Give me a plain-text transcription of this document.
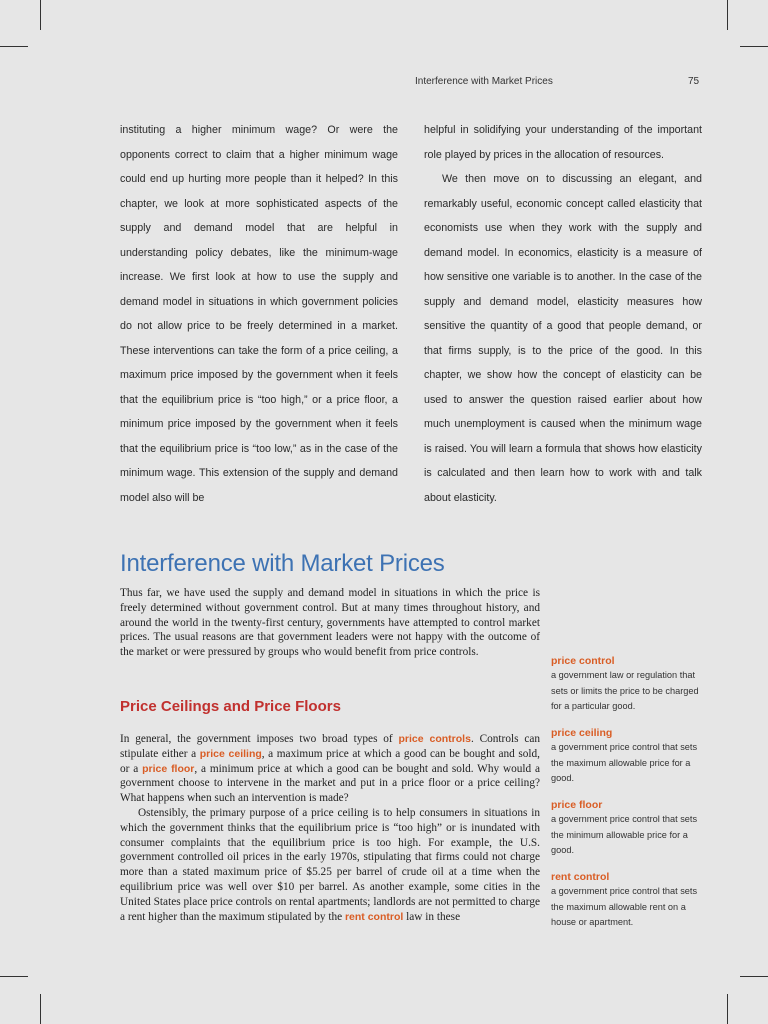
Interference with Market Prices	75

instituting a higher minimum wage? Or were the opponents correct to claim that a higher minimum wage could end up hurting more people than it helped? In this chapter, we look at more sophisticated aspects of the supply and demand model that are helpful in understanding policy debates, like the minimum-wage increase. We first look at how to use the supply and demand model in situations in which government policies do not allow price to be freely determined in a market. These interventions can take the form of a price ceiling, a maximum price imposed by the government when it feels that the equilibrium price is “too high,” or a price floor, a minimum price imposed by the government when it feels that the equilibrium price is “too low,” as in the case of the minimum wage. This extension of the supply and demand model also will be

helpful in solidifying your understanding of the important role played by prices in the allocation of resources.

We then move on to discussing an elegant, and remarkably useful, economic concept called elasticity that economists use when they work with the supply and demand model. In economics, elasticity is a measure of how sensitive one variable is to another. In the case of the supply and demand model, elasticity measures how sensitive the quantity of a good that people demand, or that firms supply, is to the price of the good. In this chapter, we show how the concept of elasticity can be used to answer the question raised earlier about how much unemployment is caused when the minimum wage is raised. You will learn a formula that shows how elasticity is calculated and then learn how to work with and talk about elasticity.

Interference with Market Prices

Thus far, we have used the supply and demand model in situations in which the price is freely determined without government control. But at many times throughout history, and around the world in the twenty-first century, governments have attempted to control market prices. The usual reasons are that government leaders were not happy with the outcome of the market or were pressured by groups who would benefit from price controls.

Price Ceilings and Price Floors

In general, the government imposes two broad types of price controls. Controls can stipulate either a price ceiling, a maximum price at which a good can be bought and sold, or a price floor, a minimum price at which a good can be bought and sold. Why would a government choose to intervene in the market and put in a price floor or a price ceiling? What happens when such an intervention is made?

Ostensibly, the primary purpose of a price ceiling is to help consumers in situations in which the government thinks that the equilibrium price is “too high” or is inundated with consumer complaints that the equilibrium price is too high. For example, the U.S. government controlled oil prices in the early 1970s, stipulating that firms could not charge more than a stated maximum price of $5.25 per barrel of crude oil at a time when the equilibrium price was well over $10 per barrel. As another example, some cities in the United States place price controls on rental apartments; landlords are not permitted to charge a rent higher than the maximum stipulated by the rent control law in these

price control
a government law or regulation that sets or limits the price to be charged for a particular good.
price ceiling
a government price control that sets the maximum allowable price for a good.
price floor
a government price control that sets the minimum allowable price for a good.
rent control
a government price control that sets the maximum allowable rent on a house or apartment.
